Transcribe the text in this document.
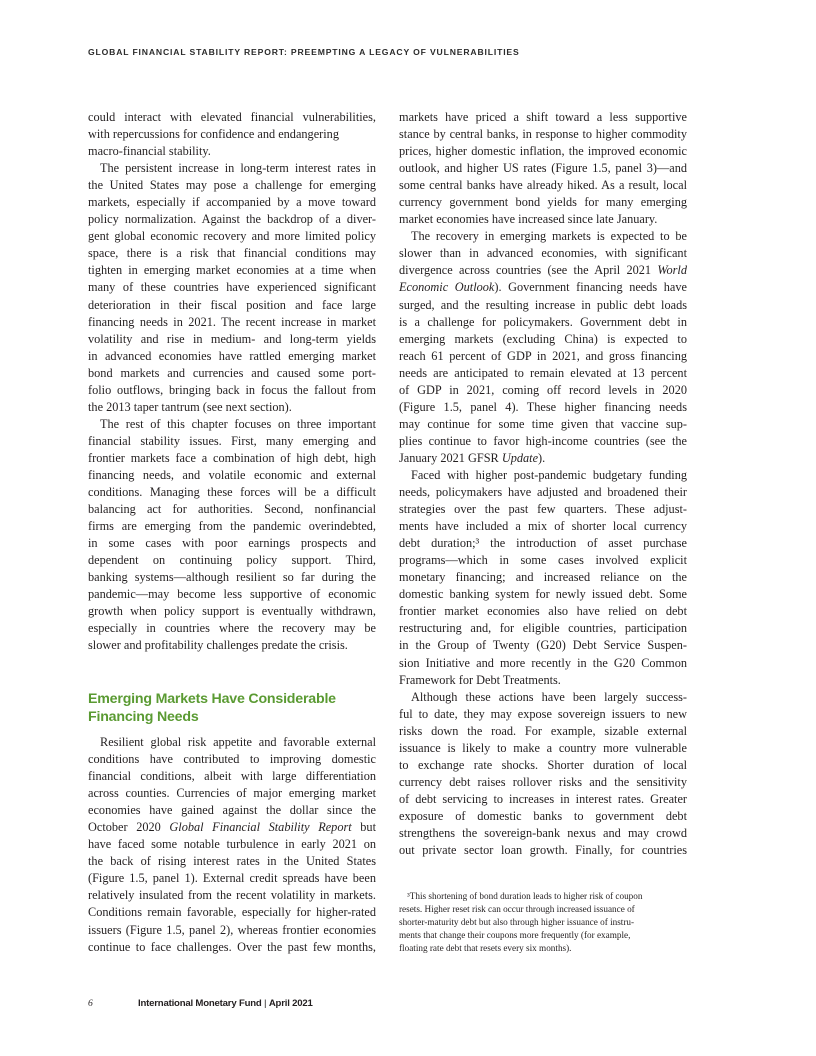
GLOBAL FINANCIAL STABILITY REPORT: PREEMPTING A LEGACY OF VULNERABILITIES
could interact with elevated financial vulnerabilities,
with repercussions for confidence and endangering
macro-financial stability.
The persistent increase in long-term interest rates in
the United States may pose a challenge for emerging
markets, especially if accompanied by a move toward
policy normalization. Against the backdrop of a diver-
gent global economic recovery and more limited policy
space, there is a risk that financial conditions may
tighten in emerging market economies at a time when
many of these countries have experienced significant
deterioration in their fiscal position and face large
financing needs in 2021. The recent increase in market
volatility and rise in medium- and long-term yields
in advanced economies have rattled emerging market
bond markets and currencies and caused some port-
folio outflows, bringing back in focus the fallout from
the 2013 taper tantrum (see next section).
The rest of this chapter focuses on three important
financial stability issues. First, many emerging and
frontier markets face a combination of high debt, high
financing needs, and volatile economic and external
conditions. Managing these forces will be a difficult
balancing act for authorities. Second, nonfinancial
firms are emerging from the pandemic overindebted,
in some cases with poor earnings prospects and
dependent on continuing policy support. Third,
banking systems—although resilient so far during the
pandemic—may become less supportive of economic
growth when policy support is eventually withdrawn,
especially in countries where the recovery may be
slower and profitability challenges predate the crisis.
Emerging Markets Have Considerable
Financing Needs
Resilient global risk appetite and favorable external
conditions have contributed to improving domestic
financial conditions, albeit with large differentiation
across counties. Currencies of major emerging market
economies have gained against the dollar since the
October 2020 Global Financial Stability Report but
have faced some notable turbulence in early 2021 on
the back of rising interest rates in the United States
(Figure 1.5, panel 1). External credit spreads have been
relatively insulated from the recent volatility in markets.
Conditions remain favorable, especially for higher-rated
issuers (Figure 1.5, panel 2), whereas frontier economies
continue to face challenges. Over the past few months,
markets have priced a shift toward a less supportive
stance by central banks, in response to higher commodity
prices, higher domestic inflation, the improved economic
outlook, and higher US rates (Figure 1.5, panel 3)—and
some central banks have already hiked. As a result, local
currency government bond yields for many emerging
market economies have increased since late January.
The recovery in emerging markets is expected to be
slower than in advanced economies, with significant
divergence across countries (see the April 2021 World
Economic Outlook). Government financing needs have
surged, and the resulting increase in public debt loads
is a challenge for policymakers. Government debt in
emerging markets (excluding China) is expected to
reach 61 percent of GDP in 2021, and gross financing
needs are anticipated to remain elevated at 13 percent
of GDP in 2021, coming off record levels in 2020
(Figure 1.5, panel 4). These higher financing needs
may continue for some time given that vaccine sup-
plies continue to favor high-income countries (see the
January 2021 GFSR Update).
Faced with higher post-pandemic budgetary funding
needs, policymakers have adjusted and broadened their
strategies over the past few quarters. These adjust-
ments have included a mix of shorter local currency
debt duration;³ the introduction of asset purchase
programs—which in some cases involved explicit
monetary financing; and increased reliance on the
domestic banking system for newly issued debt. Some
frontier market economies also have relied on debt
restructuring and, for eligible countries, participation
in the Group of Twenty (G20) Debt Service Suspen-
sion Initiative and more recently in the G20 Common
Framework for Debt Treatments.
Although these actions have been largely success-
ful to date, they may expose sovereign issuers to new
risks down the road. For example, sizable external
issuance is likely to make a country more vulnerable
to exchange rate shocks. Shorter duration of local
currency debt raises rollover risks and the sensitivity
of debt servicing to increases in interest rates. Greater
exposure of domestic banks to government debt
strengthens the sovereign-bank nexus and may crowd
out private sector loan growth. Finally, for countries
³This shortening of bond duration leads to higher risk of coupon
resets. Higher reset risk can occur through increased issuance of
shorter-maturity debt but also through higher issuance of instru-
ments that change their coupons more frequently (for example,
floating rate debt that resets every six months).
6	International Monetary Fund | April 2021
